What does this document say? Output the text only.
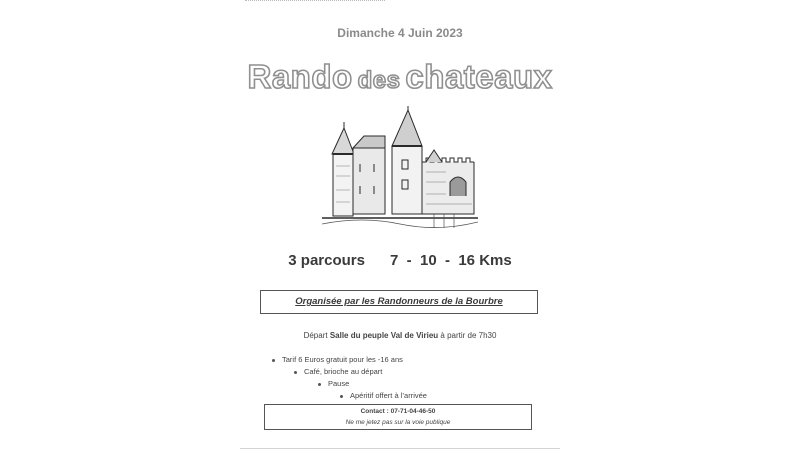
Dimanche 4 Juin 2023
Rando des chateaux
3 parcours 7  -  10  -  16 Kms
Organisée par les Randonneurs de la Bourbre
Départ Salle du peuple Val de Virieu à partir de 7h30
Tarif 6 Euros gratuit pour les -16 ans
Café, brioche au départ
Pause
Apéritif offert à l’arrivée
Contact : 07-71-04-46-50
Ne me jetez pas sur la voie publique
